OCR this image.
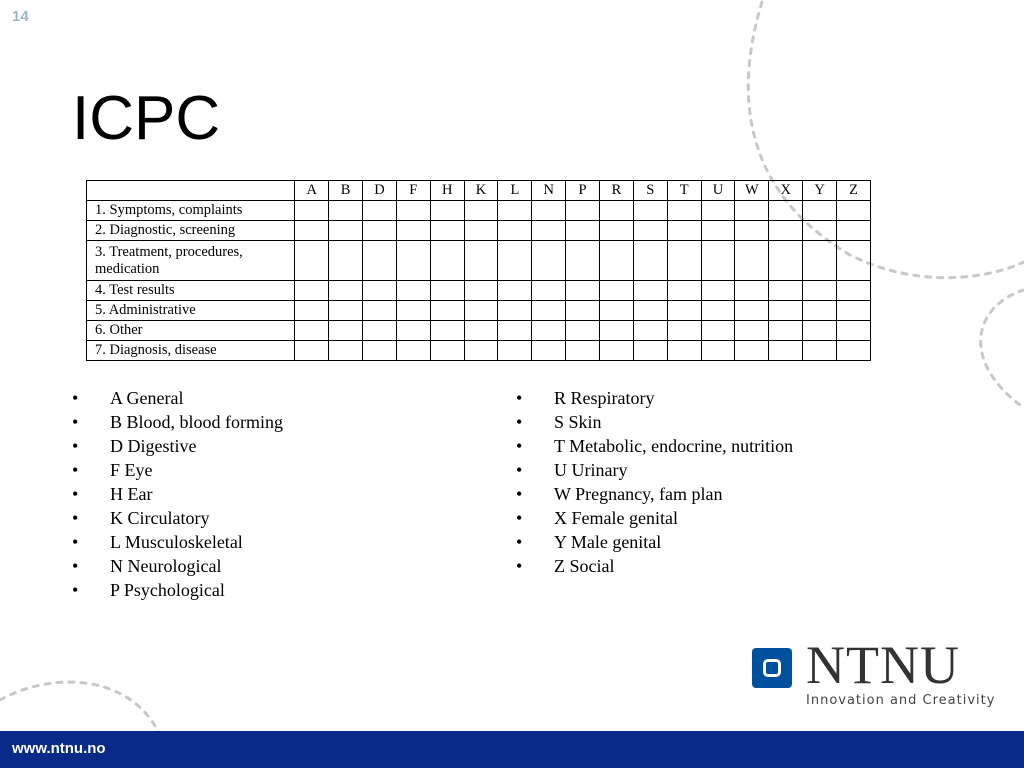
14
ICPC
	A	B	D	F	H	K	L	N	P	R	S	T	U	W	X	Y	Z
1. Symptoms, complaints																	
2. Diagnostic, screening																	
3. Treatment, procedures, medication																	
4. Test results																	
5. Administrative																	
6. Other																	
7. Diagnosis, disease																	
• A General
• B Blood, blood forming
• D Digestive
• F Eye
• H Ear
• K Circulatory
• L Musculoskeletal
• N Neurological
• P Psychological
• R Respiratory
• S Skin
• T Metabolic, endocrine, nutrition
• U Urinary
• W Pregnancy, fam plan
• X Female genital
• Y Male genital
• Z Social
NTNU
Innovation and Creativity
www.ntnu.no
